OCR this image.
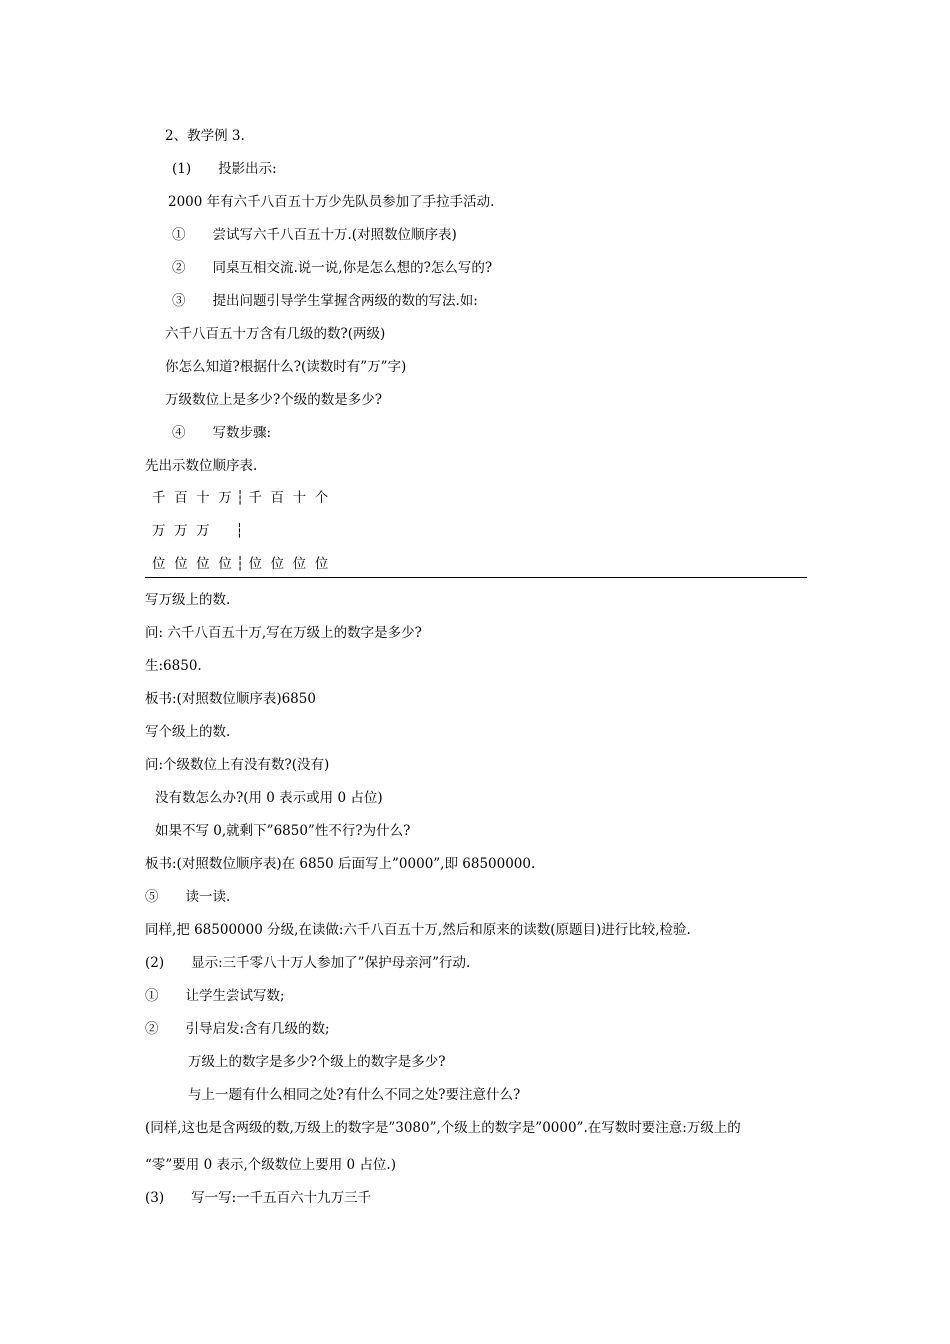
2、教学例 3.
(1)  投影出示:
2000 年有六千八百五十万少先队员参加了手拉手活动.
①  尝试写六千八百五十万.(对照数位顺序表)
②  同桌互相交流.说一说,你是怎么想的?怎么写的?
③  提出问题引导学生掌握含两级的数的写法.如:
六千八百五十万含有几级的数?(两级)
你怎么知道?根据什么?(读数时有”万”字)
万级数位上是多少?个级的数是多少?
④  写数步骤:
先出示数位顺序表.
千  百  十  万 ┆ 千  百  十  个
万  万  万      ┆
位  位  位  位 ┆ 位  位  位  位
写万级上的数.
问: 六千八百五十万,写在万级上的数字是多少?
生:6850.
板书:(对照数位顺序表)6850
写个级上的数.
问:个级数位上有没有数?(没有)
没有数怎么办?(用 0 表示或用 0 占位)
如果不写 0,就剩下”6850”性不行?为什么?
板书:(对照数位顺序表)在 6850 后面写上”0000”,即 68500000.
⑤  读一读.
同样,把 68500000 分级,在读做:六千八百五十万,然后和原来的读数(原题目)进行比较,检验.
(2)  显示:三千零八十万人参加了”保护母亲河”行动.
①  让学生尝试写数;
②  引导启发:含有几级的数;
万级上的数字是多少?个级上的数字是多少?
与上一题有什么相同之处?有什么不同之处?要注意什么?
(同样,这也是含两级的数,万级上的数字是”3080”,个级上的数字是”0000”.在写数时要注意:万级上的
“零”要用 0 表示,个级数位上要用 0 占位.)
(3)  写一写:一千五百六十九万三千
